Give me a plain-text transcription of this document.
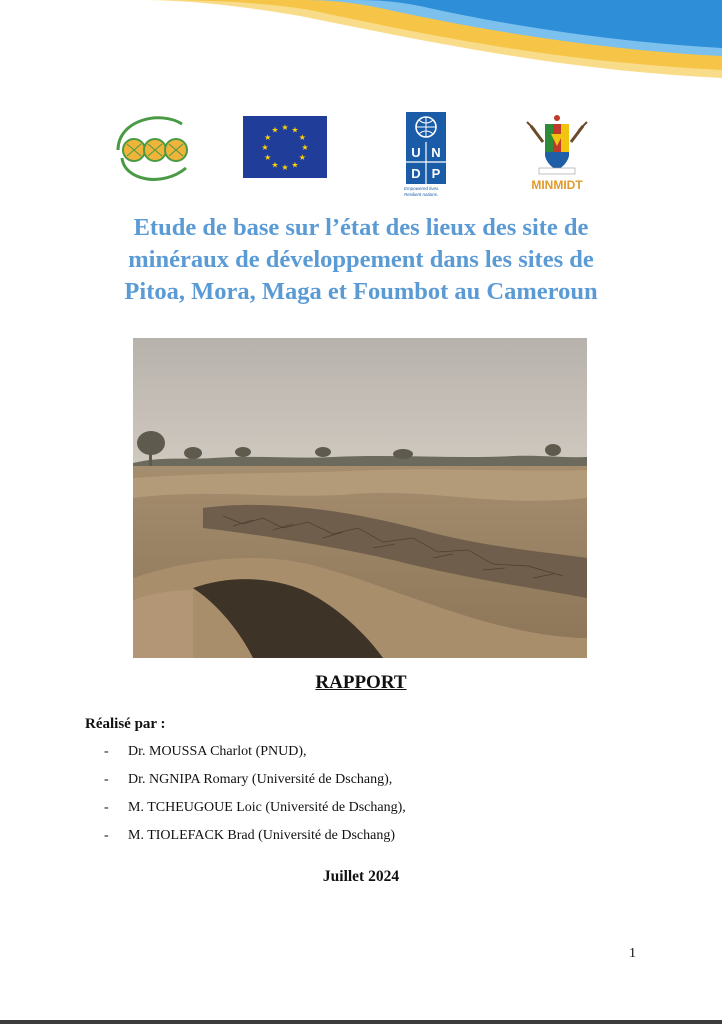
★ ★
★
★
★
★
★
★
★
★
★
★
U N
D P
Empowered lives.
Resilient nations.
MINMIDT
Etude de base sur l’état des lieux des site de
minéraux de développement dans les sites de
Pitoa, Mora, Maga et Foumbot au Cameroun
RAPPORT
Réalisé par :
- Dr. MOUSSA Charlot (PNUD),
- Dr. NGNIPA Romary (Université de Dschang),
- M. TCHEUGOUE Loic (Université de Dschang),
- M. TIOLEFACK Brad (Université de Dschang)
Juillet 2024
1
